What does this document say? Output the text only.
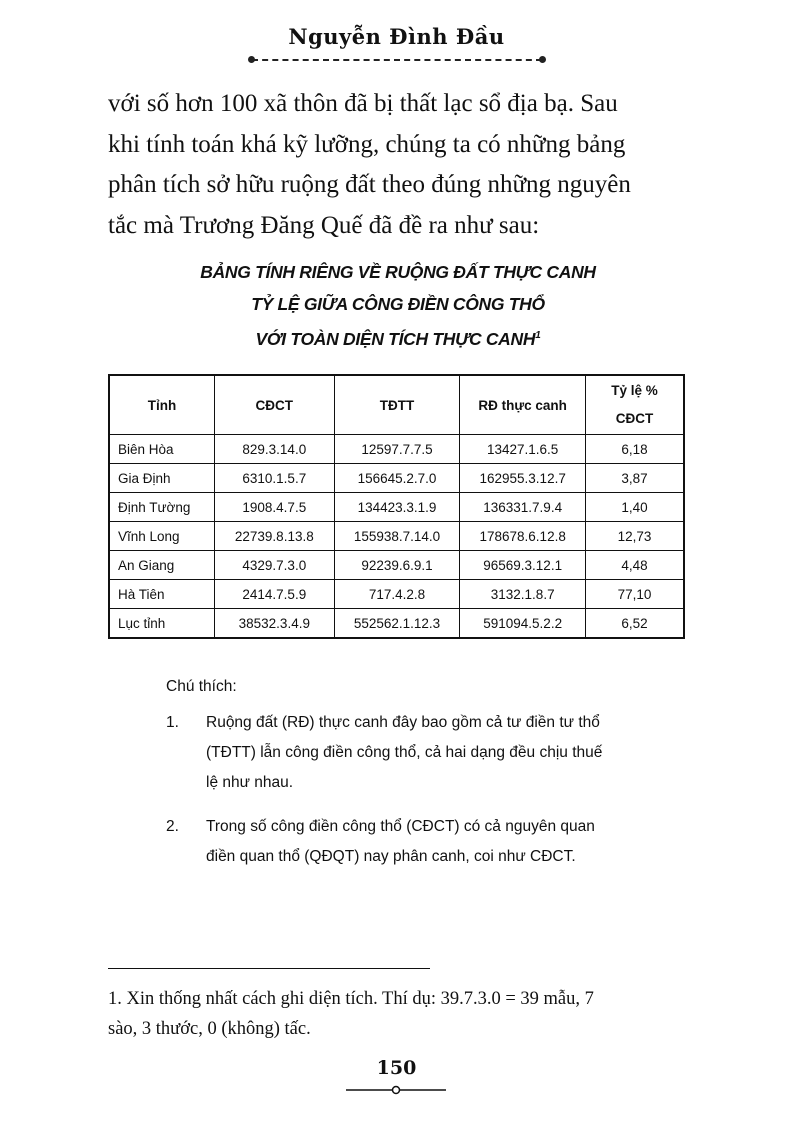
Nguyễn Đình Đầu

với số hơn 100 xã thôn đã bị thất lạc sổ địa bạ. Sau

khi tính toán khá kỹ lưỡng, chúng ta có những bảng

phân tích sở hữu ruộng đất theo đúng những nguyên

tắc mà Trương Đăng Quế đã đề ra như sau:

BẢNG TÍNH RIÊNG VỀ RUỘNG ĐẤT THỰC CANH
TỶ LỆ GIỮA CÔNG ĐIỀN CÔNG THỔ
VỚI TOÀN DIỆN TÍCH THỰC CANH$^1$
Tỉnh	CĐCT	TĐTT	RĐ thực canh	Tỷ lệ %
CĐCT

Biên Hòa	829.3.14.0	12597.7.7.5	13427.1.6.5	6,18
Gia Định	6310.1.5.7	156645.2.7.0	162955.3.12.7	3,87
Định Tường	1908.4.7.5	134423.3.1.9	136331.7.9.4	1,40
Vĩnh Long	22739.8.13.8	155938.7.14.0	178678.6.12.8	12,73
An Giang	4329.7.3.0	92239.6.9.1	96569.3.12.1	4,48
Hà Tiên	2414.7.5.9	717.4.2.8	3132.1.8.7	77,10
Lục tỉnh	38532.3.4.9	552562.1.12.3	591094.5.2.2	6,52
Chú thích:
1. Ruộng đất (RĐ) thực canh đây bao gồm cả tư điền tư thổ
(TĐTT) lẫn công điền công thổ, cả hai dạng đều chịu thuế
lệ như nhau.
2. Trong số công điền công thổ (CĐCT) có cả nguyên quan
điền quan thổ (QĐQT) nay phân canh, coi như CĐCT.
1. Xin thống nhất cách ghi diện tích. Thí dụ: 39.7.3.0 = 39 mẫu, 7
sào, 3 thước, 0 (không) tấc.
150
